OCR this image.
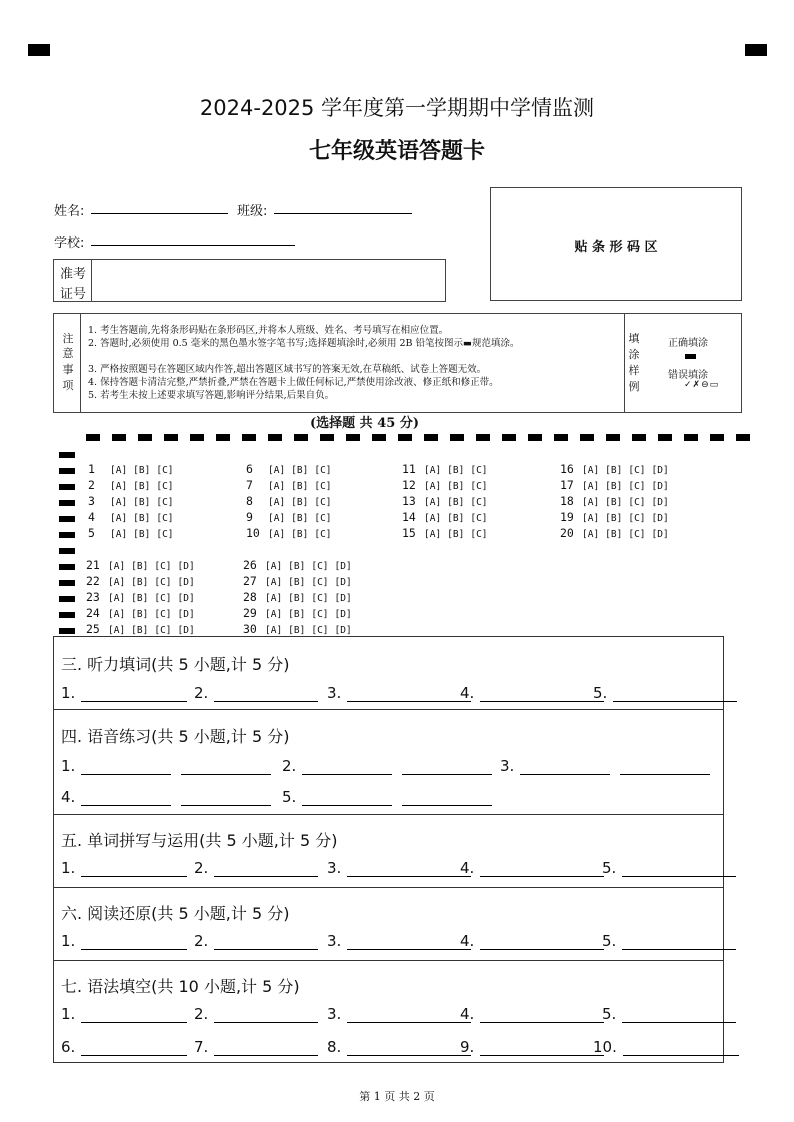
2024-2025 学年度第一学期期中学情监测
七年级英语答题卡
姓名:	班级:
学校:
准考
证号
贴 条 形 码 区
注
意
事
项
1. 考生答题前,先将条形码贴在条形码区,并将本人班级、姓名、考号填写在相应位置。
2. 答题时,必须使用 0.5 毫米的黑色墨水签字笔书写;选择题填涂时,必须用 2B 铅笔按图示▬规范填涂。
3. 严格按照题号在答题区域内作答,超出答题区域书写的答案无效,在草稿纸、试卷上答题无效。
4. 保持答题卡清洁完整,严禁折叠,严禁在答题卡上做任何标记,严禁使用涂改液、修正纸和修正带。
5. 若考生未按上述要求填写答题,影响评分结果,后果自负。
填
涂
样
例
正确填涂
错误填涂
✓✗⊖▭
(选择题 共 45 分)
1 [A] [B] [C]
2 [A] [B] [C]
3 [A] [B] [C]
4 [A] [B] [C]
5 [A] [B] [C]
6 [A] [B] [C]
7 [A] [B] [C]
8 [A] [B] [C]
9 [A] [B] [C]
10 [A] [B] [C]
11 [A] [B] [C]
12 [A] [B] [C]
13 [A] [B] [C]
14 [A] [B] [C]
15 [A] [B] [C]
16 [A] [B] [C] [D]
17 [A] [B] [C] [D]
18 [A] [B] [C] [D]
19 [A] [B] [C] [D]
20 [A] [B] [C] [D]
21 [A] [B] [C] [D]
22 [A] [B] [C] [D]
23 [A] [B] [C] [D]
24 [A] [B] [C] [D]
25 [A] [B] [C] [D]
26 [A] [B] [C] [D]
27 [A] [B] [C] [D]
28 [A] [B] [C] [D]
29 [A] [B] [C] [D]
30 [A] [B] [C] [D]
三. 听力填词(共 5 小题,计 5 分)
四. 语音练习(共 5 小题,计 5 分)
五. 单词拼写与运用(共 5 小题,计 5 分)
六. 阅读还原(共 5 小题,计 5 分)
七. 语法填空(共 10 小题,计 5 分)
1.	2.	3.	4.	5.
1.	2.	3.
4.	5.
1.	2.	3.	4.	5.
1.	2.	3.	4.	5.
1.	2.	3.	4.	5.
6.	7.	8.	9.	10.
第 1 页 共 2 页
